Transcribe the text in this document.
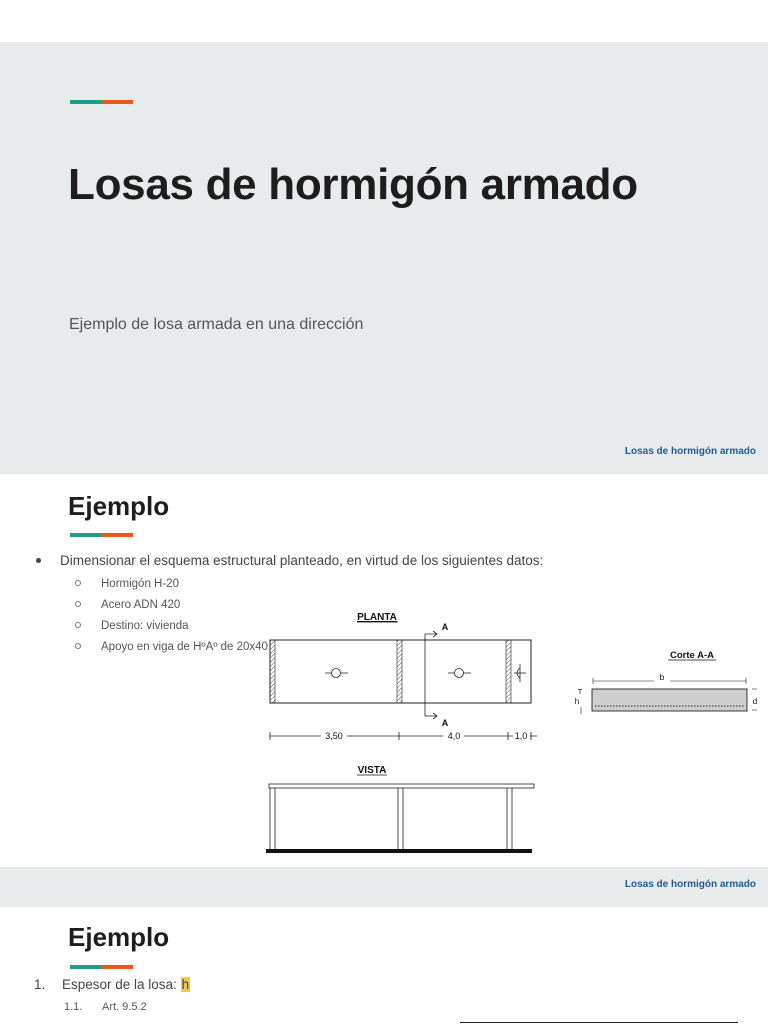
Losas de hormigón armado
Ejemplo de losa armada en una dirección
Losas de hormigón armado
Ejemplo
Dimensionar el esquema estructural planteado, en virtud de los siguientes datos:
Hormigón H-20
Acero ADN 420
Destino: vivienda
Apoyo en viga de HºAº de 20x40
PLANTA
A
A
3,50	4,0	1,0
VISTA
Corte A-A
b
T
h	d
Losas de hormigón armado
Ejemplo
1. Espesor de la losa: h
1.1. Art. 9.5.2
